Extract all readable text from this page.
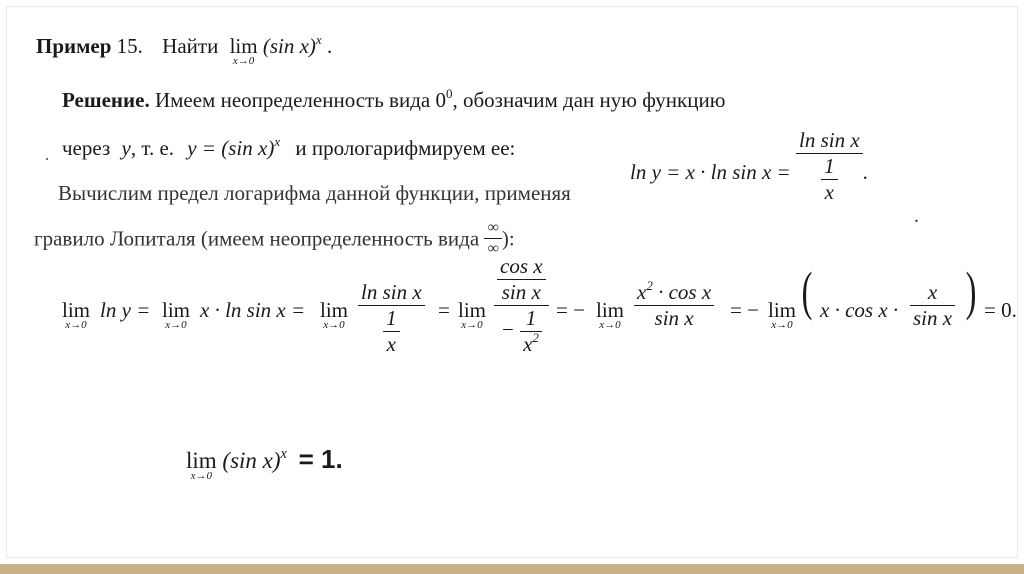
Пример 15. Найти lim
x→0
(sin x)$^x$ .
Решение. Имеем неопределенность вида $0^0$, обозначим дан ную функцию
через y, т. е. y = (sin x)$^x$ и прологарифмируем ее:
$\ln y = x \cdot \ln \sin x = \frac{\text{ln sin x}}{\frac{1}{x}}$ .
Вычислим предел логарифма данной функции, применяя
гравило Лопиталя (имеем неопределенность вида $\frac{\infty}{\infty}$ ):
lim
x→0
ln y = lim
x→0
x · ln sin x = lim
$x\to 0 \frac{\text{ln sin x}}{\frac{1}{x}} = \lim$
$x\to 0 \frac{\frac{\text{cos x}}{\text{sin x}}}{- \frac{1}{x^2}}$ = − lim
$x\to 0 \frac{x^2 \cdot \cos x}{\text{sin x}}$ = − lim
x→0
( $x \cdot \cos x \cdot \frac{x}{\text{sin x}}$ ) = 0.
lim
x→0
(sin x)$^x$ = 1.
·
.
